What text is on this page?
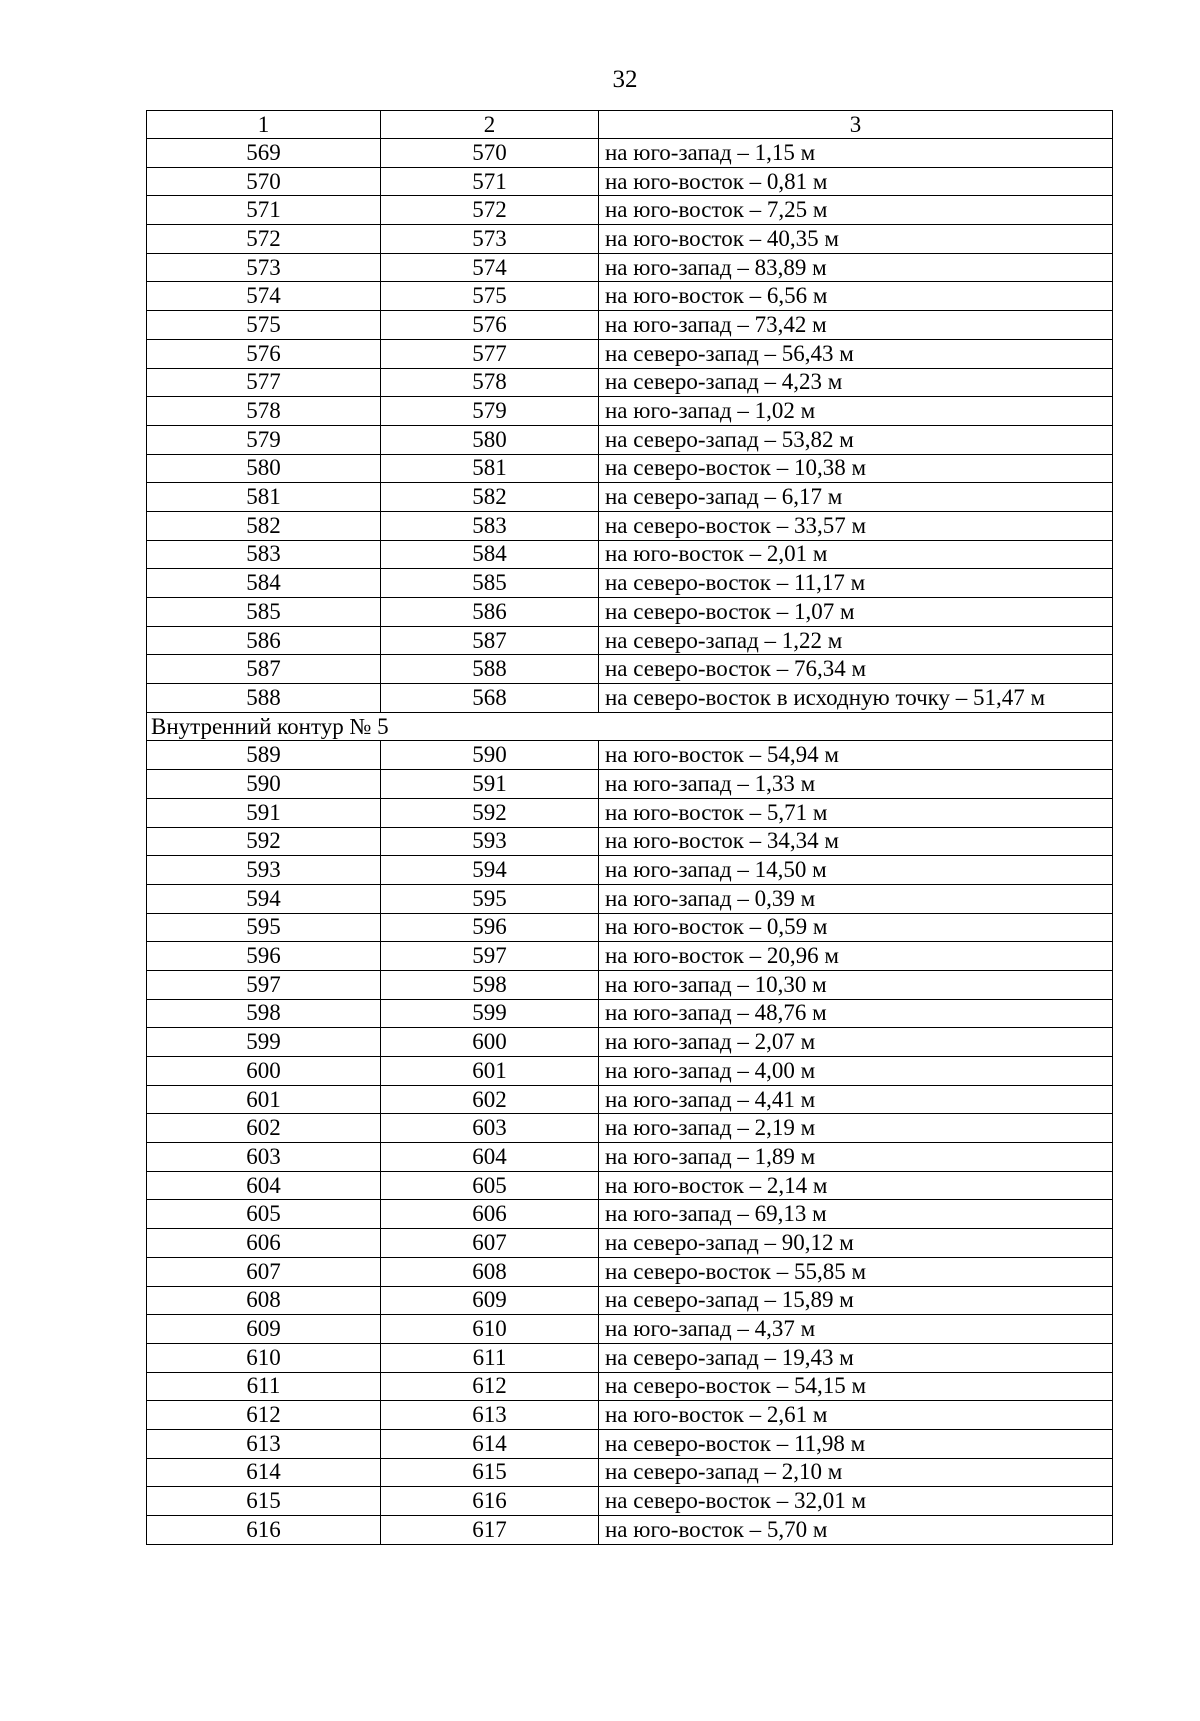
32
1	2	3
569	570	на юго-запад – 1,15 м
570	571	на юго-восток – 0,81 м
571	572	на юго-восток – 7,25 м
572	573	на юго-восток – 40,35 м
573	574	на юго-запад – 83,89 м
574	575	на юго-восток – 6,56 м
575	576	на юго-запад – 73,42 м
576	577	на северо-запад – 56,43 м
577	578	на северо-запад – 4,23 м
578	579	на юго-запад – 1,02 м
579	580	на северо-запад – 53,82 м
580	581	на северо-восток – 10,38 м
581	582	на северо-запад – 6,17 м
582	583	на северо-восток – 33,57 м
583	584	на юго-восток – 2,01 м
584	585	на северо-восток – 11,17 м
585	586	на северо-восток – 1,07 м
586	587	на северо-запад – 1,22 м
587	588	на северо-восток – 76,34 м
588	568	на северо-восток в исходную точку – 51,47 м
Внутренний контур № 5		
589	590	на юго-восток – 54,94 м
590	591	на юго-запад – 1,33 м
591	592	на юго-восток – 5,71 м
592	593	на юго-восток – 34,34 м
593	594	на юго-запад – 14,50 м
594	595	на юго-запад – 0,39 м
595	596	на юго-восток – 0,59 м
596	597	на юго-восток – 20,96 м
597	598	на юго-запад – 10,30 м
598	599	на юго-запад – 48,76 м
599	600	на юго-запад – 2,07 м
600	601	на юго-запад – 4,00 м
601	602	на юго-запад – 4,41 м
602	603	на юго-запад – 2,19 м
603	604	на юго-запад – 1,89 м
604	605	на юго-восток – 2,14 м
605	606	на юго-запад – 69,13 м
606	607	на северо-запад – 90,12 м
607	608	на северо-восток – 55,85 м
608	609	на северо-запад – 15,89 м
609	610	на юго-запад – 4,37 м
610	611	на северо-запад – 19,43 м
611	612	на северо-восток – 54,15 м
612	613	на юго-восток – 2,61 м
613	614	на северо-восток – 11,98 м
614	615	на северо-запад – 2,10 м
615	616	на северо-восток – 32,01 м
616	617	на юго-восток – 5,70 м
